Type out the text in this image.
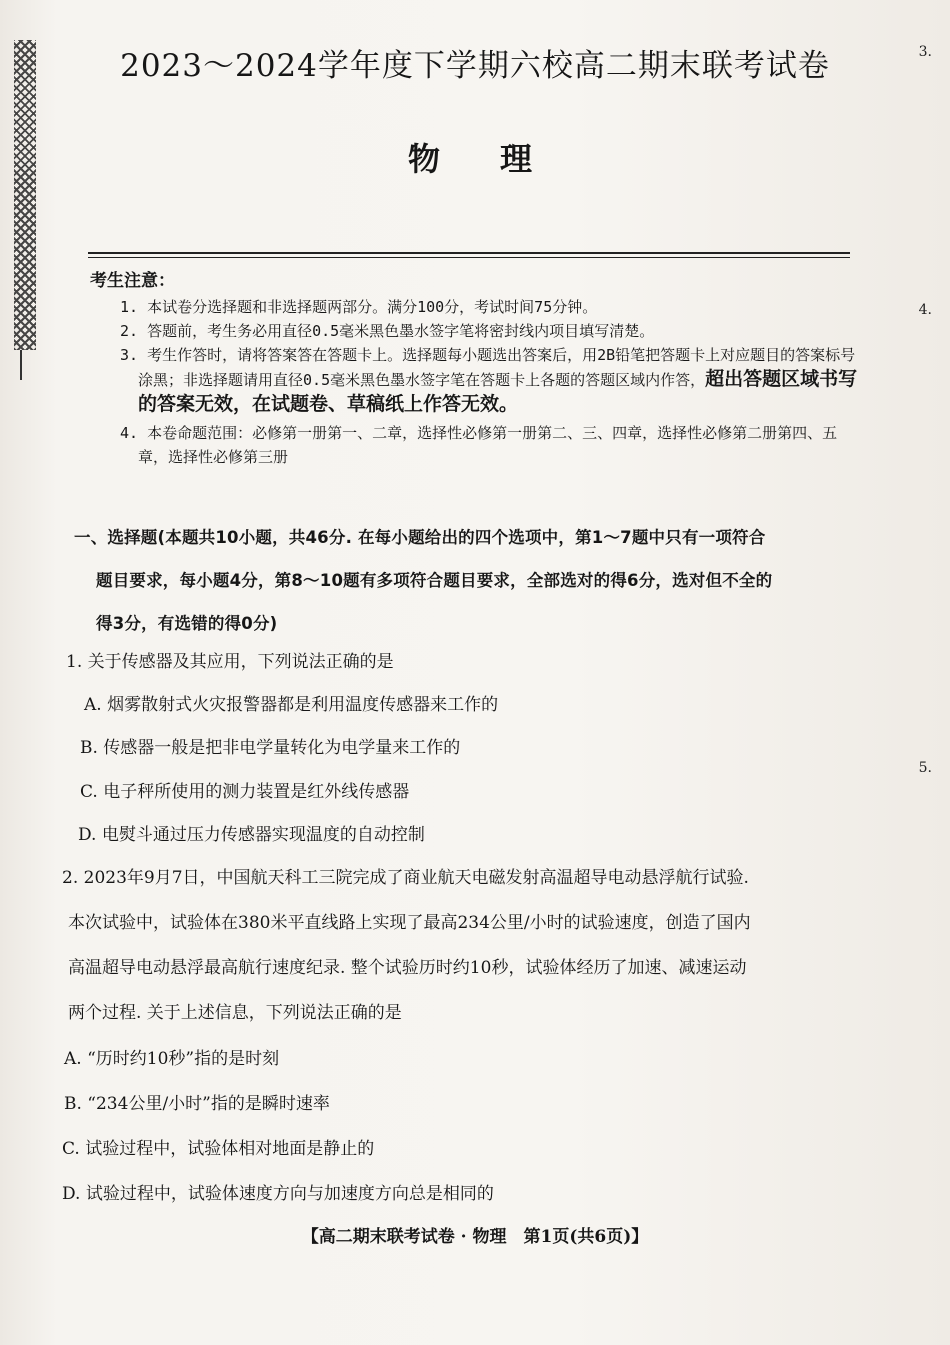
3.
4.
5.
2023～2024学年度下学期六校高二期末联考试卷
物理
考生注意：
1. 本试卷分选择题和非选择题两部分。满分100分，考试时间75分钟。
2. 答题前，考生务必用直径0.5毫米黑色墨水签字笔将密封线内项目填写清楚。
3. 考生作答时，请将答案答在答题卡上。选择题每小题选出答案后，用2B铅笔把答题卡上对应题目的答案标号涂黑；非选择题请用直径0.5毫米黑色墨水签字笔在答题卡上各题的答题区域内作答，超出答题区域书写的答案无效，在试题卷、草稿纸上作答无效。
4. 本卷命题范围：必修第一册第一、二章，选择性必修第一册第二、三、四章，选择性必修第二册第四、五章，选择性必修第三册
一、选择题(本题共10小题，共46分. 在每小题给出的四个选项中，第1～7题中只有一项符合
题目要求，每小题4分，第8～10题有多项符合题目要求，全部选对的得6分，选对但不全的
得3分，有选错的得0分)
1. 关于传感器及其应用，下列说法正确的是
A. 烟雾散射式火灾报警器都是利用温度传感器来工作的
B. 传感器一般是把非电学量转化为电学量来工作的
C. 电子秤所使用的测力装置是红外线传感器
D. 电熨斗通过压力传感器实现温度的自动控制
2. 2023年9月7日，中国航天科工三院完成了商业航天电磁发射高温超导电动悬浮航行试验.
本次试验中，试验体在380米平直线路上实现了最高234公里/小时的试验速度，创造了国内
高温超导电动悬浮最高航行速度纪录. 整个试验历时约10秒，试验体经历了加速、减速运动
两个过程. 关于上述信息，下列说法正确的是
A. “历时约10秒”指的是时刻
B. “234公里/小时”指的是瞬时速率
C. 试验过程中，试验体相对地面是静止的
D. 试验过程中，试验体速度方向与加速度方向总是相同的
【高二期末联考试卷 · 物理　第1页(共6页)】
